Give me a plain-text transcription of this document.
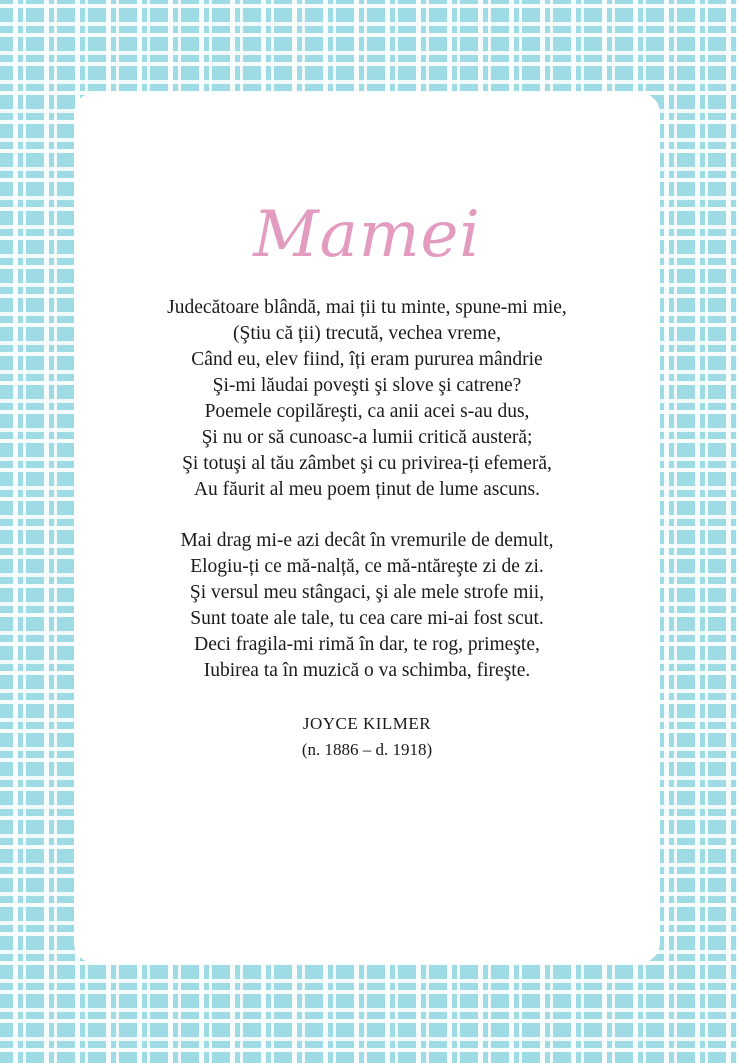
Mamei
Judecătoare blândă, mai ții tu minte, spune-mi mie,
(Ştiu că ții) trecută, vechea vreme,
Când eu, elev fiind, îți eram pururea mândrie
Şi-mi lăudai poveşti şi slove şi catrene?
Poemele copilăreşti, ca anii acei s-au dus,
Şi nu or să cunoasc-a lumii critică austeră;
Şi totuşi al tău zâmbet şi cu privirea-ți efemeră,
Au făurit al meu poem ținut de lume ascuns.
Mai drag mi-e azi decât în vremurile de demult,
Elogiu-ți ce mă-nalță, ce mă-ntăreşte zi de zi.
Şi versul meu stângaci, şi ale mele strofe mii,
Sunt toate ale tale, tu cea care mi-ai fost scut.
Deci fragila-mi rimă în dar, te rog, primeşte,
Iubirea ta în muzică o va schimba, fireşte.
JOYCE KILMER
(n. 1886 – d. 1918)
